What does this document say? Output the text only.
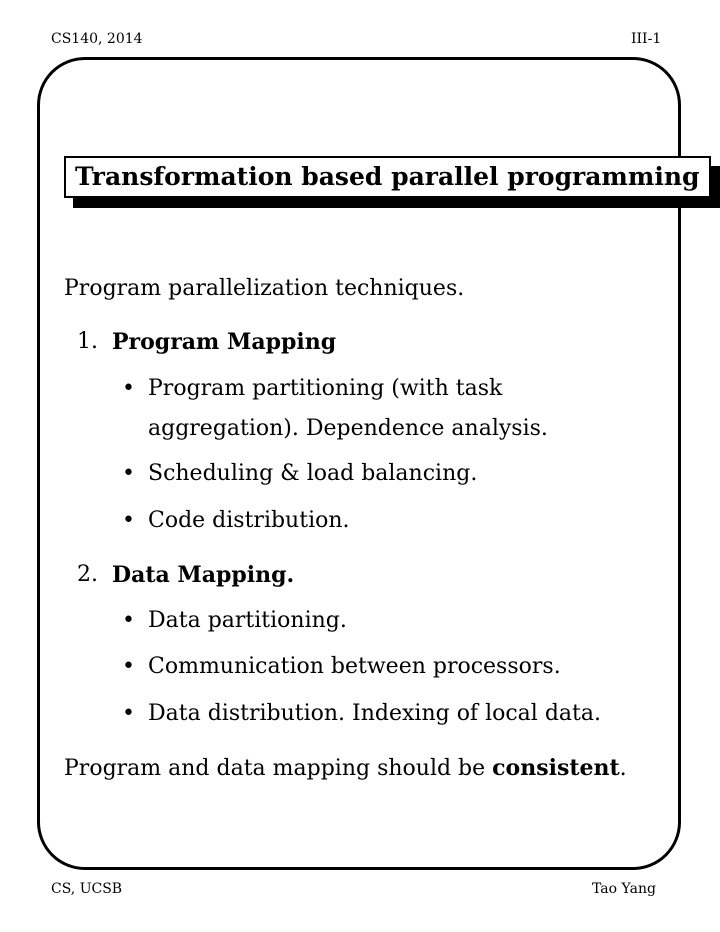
CS140, 2014	III-1
Transformation based parallel programming
Program parallelization techniques.
1. Program Mapping
• Program partitioning (with task
aggregation). Dependence analysis.
• Scheduling & load balancing.
• Code distribution.
2. Data Mapping.
• Data partitioning.
• Communication between processors.
• Data distribution. Indexing of local data.
Program and data mapping should be consistent.
CS, UCSB	Tao Yang
